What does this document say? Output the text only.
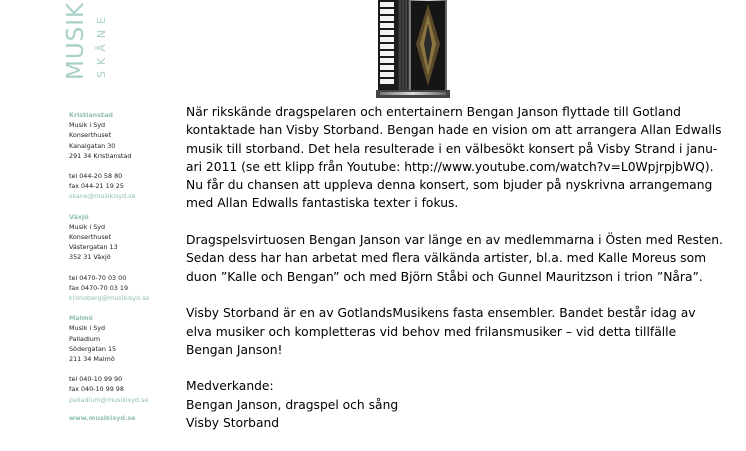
MUSIK SKÅNE
Kristianstad
Musik i Syd
Konserthuset
Kanalgatan 30
291 34 Kristianstad
tel 044-20 58 80
fax 044-21 19 25
skane@musikisyd.se
Växjö
Musik i Syd
Konserthuset
Västergatan 13
352 31 Växjö
tel 0470-70 03 00
fax 0470-70 03 19
kronoberg@musikisyd.se
Malmö
Musik i Syd
Palladium
Södergatan 15
211 34 Malmö
tel 040-10 99 90
fax 040-10 99 98
palladium@musikisyd.se
www.musikisyd.se

När rikskände dragspelaren och entertainern Bengan Janson flyttade till Gotland
kontaktade han Visby Storband. Bengan hade en vision om att arrangera Allan Edwalls
musik till storband. Det hela resulterade i en välbesökt konsert på Visby Strand i janu-
ari 2011 (se ett klipp från Youtube: http://www.youtube.com/watch?v=L0WpjrpjbWQ).
Nu får du chansen att uppleva denna konsert, som bjuder på nyskrivna arrangemang
med Allan Edwalls fantastiska texter i fokus.

Dragspelsvirtuosen Bengan Janson var länge en av medlemmarna i Östen med Resten.
Sedan dess har han arbetat med flera välkända artister, bl.a. med Kalle Moreus som
duon ”Kalle och Bengan” och med Björn Ståbi och Gunnel Mauritzson i trion ”Nåra”.

Visby Storband är en av GotlandsMusikens fasta ensembler. Bandet består idag av
elva musiker och kompletteras vid behov med frilansmusiker – vid detta tillfälle
Bengan Janson!

Medverkande:
Bengan Janson, dragspel och sång
Visby Storband
